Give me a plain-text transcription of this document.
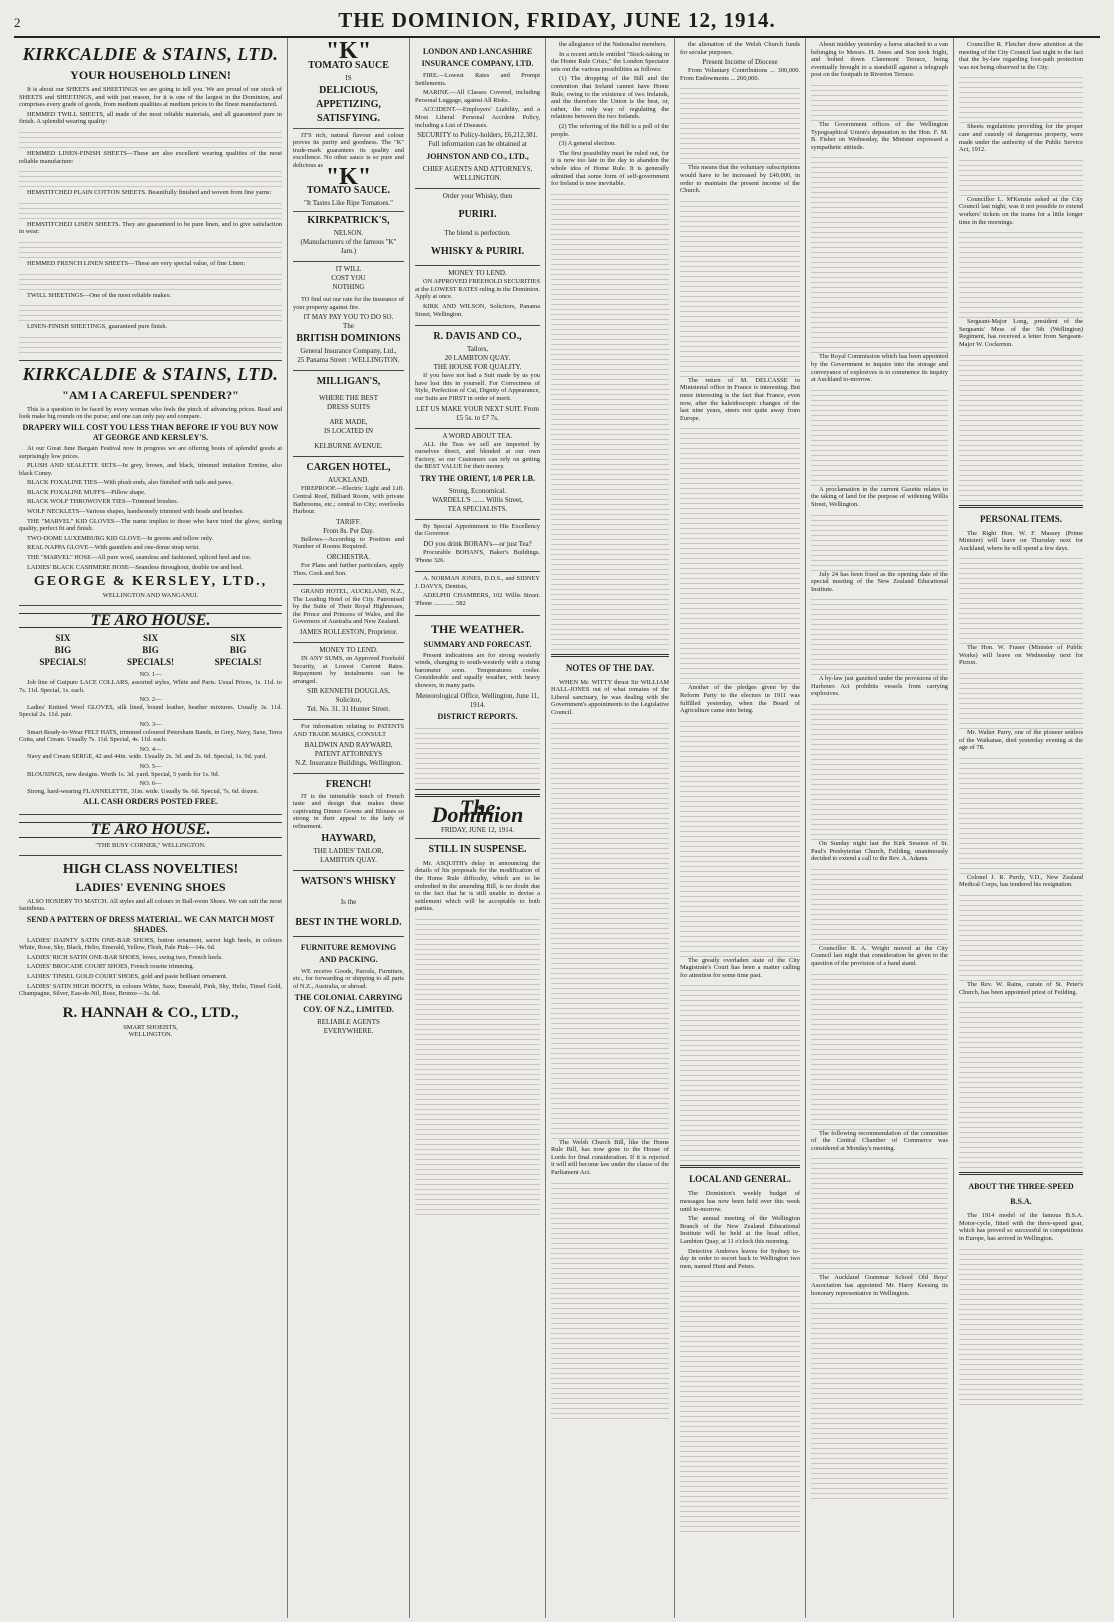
2	THE DOMINION, FRIDAY, JUNE 12, 1914.
KIRKCALDIE & STAINS, LTD.
YOUR HOUSEHOLD LINEN!

It is about our SHEETS and SHEETINGS we are going to tell you. We are proud of our stock of SHEETS and SHEETINGS, and with just reason, for it is one of the largest in the Dominion, and comprises every grade of goods, from medium qualities at medium prices to the finest manufactured.

HEMMED TWILL SHEETS, all made of the most reliable materials, and all guaranteed pure in finish. A splendid wearing quality:

HEMMED LINEN-FINISH SHEETS—These are also excellent wearing qualities of the most reliable manufacture:

HEMSTITCHED PLAIN COTTON SHEETS. Beautifully finished and woven from fine yarns:

HEMSTITCHED LINEN SHEETS. They are guaranteed to be pure linen, and to give satisfaction in wear:

HEMMED FRENCH LINEN SHEETS—These are very special value, of fine Linen:

TWILL SHEETINGS—One of the most reliable makes:

LINEN-FINISH SHEETINGS, guaranteed pure finish.

KIRKCALDIE & STAINS, LTD.
"AM I A CAREFUL SPENDER?"

This is a question to be faced by every woman who feels the pinch of advancing prices. Read and look make big rounds on the purse; and one can only pay and compare.

DRAPERY WILL COST YOU LESS THAN BEFORE IF YOU BUY NOW AT GEORGE AND KERSLEY'S.

At our Great June Bargain Festival now in progress we are offering boots of splendid goods at surprisingly low prices.

PLUSH AND SEALETTE SETS—In grey, brown, and black, trimmed imitation Ermine, also black Coney.

BLACK FOXALINE TIES—With plush ends, also finished with tails and paws.

BLACK FOXALINE MUFFS—Pillow shape.

BLACK WOLF THROWOVER TIES—Trimmed brushes.

WOLF NECKLETS—Various shapes, handsomely trimmed with heads and brushes.

THE "MARVEL" KID GLOVES—The name implies to those who have tried the glove, sterling quality, perfect fit and finish.

TWO-DOME LUXEMBURG KID GLOVE—In greens and tellow only.

REAL NAPPA GLOVE—With gauntlets and one-dome strap wrist.

THE "MARVEL" HOSE—All pure wool, seamless and fashioned, spliced heel and toe.

LADIES' BLACK CASHMERE HOSE—Seamless throughout, double toe and heel.

GEORGE & KERSLEY, LTD.,
WELLINGTON AND WANGANUI.
TE ARO HOUSE.
SIX
BIG
SPECIALS!
SIX
BIG
SPECIALS!
SIX
BIG
SPECIALS!
NO. 1—

Job line of Guipure LACE COLLARS, assorted styles, White and Paris. Usual Prices, 1s. 11d. to 7s. 11d. Special, 1s. each.

NO. 2—

Ladies' Knitted Wool GLOVES, silk lined, bound leather, heather mixtures. Usually 3s. 11d. Special 2s. 11d. pair.

NO. 3—

Smart Ready-to-Wear FELT HATS, trimmed coloured Petersham Bands, in Grey, Navy, Saxe, Terra Cotta, and Cream. Usually 7s. 11d. Special, 4s. 11d. each.

NO. 4—

Navy and Cream SERGE, 42 and 44in. wide. Usually 2s. 3d. and 2s. 6d. Special, 1s. 9d. yard.

NO. 5—

BLOUSINGS, new designs. Worth 1s. 3d. yard. Special, 5 yards for 1s. 9d.

NO. 6—

Strong, hard-wearing FLANNELETTE, 31in. wide. Usually 9s. 6d. Special, 7s. 6d. dozen.

ALL CASH ORDERS POSTED FREE.
TE ARO HOUSE.
"THE BUSY CORNER," WELLINGTON.
HIGH CLASS NOVELTIES!
LADIES' EVENING SHOES

ALSO HOSIERY TO MATCH. All styles and all colours in Ball-room Shoes. We can suit the most fastidious.

SEND A PATTERN OF DRESS MATERIAL. WE CAN MATCH MOST SHADES.

LADIES' DAINTY SATIN ONE-BAR SHOES, button ornament, sacret high heels, in colours White, Rose, Sky, Black, Helio, Emerald, Yellow, Flesh, Pale Pink—14s. 6d.

LADIES' RICH SATIN ONE-BAR SHOES, bows, swing two, French heels.

LADIES' BROCADE COURT SHOES, French rosette trimming.

LADIES' TINSEL GOLD COURT SHOES, gold and paste brilliant ornament.

LADIES' SATIN HIGH BOOTS, in colours White, Saxe, Emerald, Pink, Sky, Helio, Tinsel Gold, Champagne, Silver, Eau-de-Nil, Rose, Bronze—3s. 6d.

R. HANNAH & CO., LTD.,
SMART SHOEISTS,
WELLINGTON.
"K"
TOMATO SAUCE
IS
DELICIOUS,
APPETIZING,
SATISFYING.

IT'S rich, natural flavour and colour proves its purity and goodness. The "K" trade-mark guarantees its quality and excellence. No other sauce is so pure and delicious as "K"
TOMATO SAUCE.
"It Tastes Like Ripe Tomatoes."
KIRKPATRICK'S,
NELSON.
(Manufacturers of the famous "K" Jam.)
IT WILL
COST YOU
NOTHING

TO find out our rate for the insurance of your property against fire.

IT MAY PAY YOU TO DO SO.
The
BRITISH DOMINIONS
General Insurance Company, Ltd.,
25 Panama Street : WELLINGTON.
MILLIGAN'S,
WHERE THE BEST
DRESS SUITS
ARE MADE,
IS LOCATED IN
KELBURNE AVENUE.
CARGEN HOTEL,
AUCKLAND.

FIREPROOF.—Electric Light and Lift. Central Roof, Billiard Room, with private Bathrooms, etc.; central to City; overlooks Harbour.

TARIFF.
From 8s. Per Day.

Bellows—According to Position and Number of Rooms Required.

ORCHESTRA.

For Plans and further particulars, apply Thos. Cook and Son.

GRAND HOTEL, AUCKLAND, N.Z., The Leading Hotel of the City. Patronised by the Suite of Their Royal Highnesses, the Prince and Princess of Wales, and the Governors of Australia and New Zealand.

JAMES ROLLESTON, Proprietor.
MONEY TO LEND.

IN ANY SUMS, on Approved Freehold Security, at Lowest Current Rates. Repayment by instalments can be arranged.

SIR KENNETH DOUGLAS,
Solicitor,
Tel. No. 31. 31 Hunter Street.

For information relating to PATENTS AND TRADE MARKS, CONSULT

BALDWIN AND RAYWARD,
PATENT ATTORNEYS
N.Z. Insurance Buildings, Wellington.
FRENCH!

IT is the inimitable touch of French taste and design that makes these captivating Dinner Gowns and Blouses so strong in their appeal to the lady of refinement.

HAYWARD,
THE LADIES' TAILOR,
LAMBTON QUAY.
WATSON'S WHISKY
Is the
BEST IN THE WORLD.
FURNITURE REMOVING AND PACKING.

WE receive Goods, Parcels, Furniture, etc., for forwarding or shipping to all parts of N.Z., Australia, or abroad.

THE COLONIAL CARRYING COY. OF N.Z., LIMITED.
RELIABLE AGENTS EVERYWHERE.
LONDON AND LANCASHIRE INSURANCE COMPANY, LTD.

FIRE.—Lowest Rates and Prompt Settlements.

MARINE.—All Classes Covered, including Personal Luggage, against All Risks.

ACCIDENT.—Employers' Liability, and a Most Liberal Personal Accident Policy, including a List of Diseases.

SECURITY to Policy-holders, £6,212,381.
Full information can be obtained at
JOHNSTON AND CO., LTD.,
CHIEF AGENTS AND ATTORNEYS,
WELLINGTON.
Order your Whisky, then
PURIRI.
The blend is perfection.
WHISKY & PURIRI.
MONEY TO LEND.

ON APPROVED FREEHOLD SECURITIES at the LOWEST RATES ruling in the Dominion. Apply at once.

KIRK AND WILSON, Solicitors, Panama Street, Wellington.

R. DAVIS AND CO.,
Tailors,
20 LAMBTON QUAY.
THE HOUSE FOR QUALITY.

If you have not had a Suit made by us you have lost this in yourself. For Correctness of Style, Perfection of Cut, Dignity of Appearance, our Suits are FIRST in order of merit.

LET US MAKE YOUR NEXT SUIT. From £5 5s. to £7 7s.
A WORD ABOUT TEA.

ALL the Teas we sell are imported by ourselves direct, and blended at our own Factory, so our Customers can rely on getting the BEST VALUE for their money.

TRY THE ORIENT, 1/8 PER LB.
Strong, Economical.
WARDELL'S ....... Willis Street,
TEA SPECIALISTS.

By Special Appointment to His Excellency the Governor.

DO you drink BORAN's—or just Tea?

Procurable BOHAN'S, Baker's Buildings. 'Phone 326.

A. NORMAN JONES, D.D.S., and SIDNEY J. DAVYS, Dentists,

ADELPHI CHAMBERS, 102 Willis Street. 'Phone ............. 582

THE WEATHER.
SUMMARY AND FORECAST.

Present indications are for strong westerly winds, changing to south-westerly with a rising barometer soon. Temperatures cooler. Considerable and squally weather, with heavy showers, in many parts.

Meteorological Office, Wellington, June 11, 1914.
DISTRICT REPORTS.
The Dominion
FRIDAY, JUNE 12, 1914.
STILL IN SUSPENSE.

Mr. ASQUITH's delay in announcing the details of his proposals for the modification of the Home Rule difficulty, which are to be embodied in the amending Bill, is no doubt due to the fact that he is still unable to devise a settlement which will be acceptable to both parties.

the allegiance of the Nationalist members.

In a recent article entitled "Stock-taking in the Home Rule Crisis," the London Spectator sets out the various possibilities as follows:

(1) The dropping of the Bill and the contention that Ireland cannot have Home Rule, owing to the existence of two Irelands, and the therefore the Union is the best, or, rather, the only way of regulating the relations between the two Irelands.

(2) The referring of the Bill to a poll of the people.

(3) A general election.

The first possibility must be ruled out, for it is now too late in the day to abandon the whole idea of Home Rule. It is generally admitted that some form of self-government for Ireland is now inevitable.

NOTES OF THE DAY.

WHEN Mr. WITTY thrust Sir WILLIAM HALL-JONES out of what remains of the Liberal sanctuary, he was dealing with the Government's appointments to the Legislative Council.

The Welsh Church Bill, like the Home Rule Bill, has now gone to the House of Lords for final consideration. If it is rejected it will still become law under the clause of the Parliament Act.

the alienation of the Welsh Church funds for secular purposes.

Present Income of Diocese

From Voluntary Contributions ... 300,000. From Endowments ... 260,000.

This means that the voluntary subscriptions would have to be increased by £40,000, in order to maintain the present income of the Church.

The return of M. DELCASSE to Ministerial office in France is interesting. But more interesting is the fact that France, even now, after the kaleidoscopic changes of the last nine years, steers not quite away from Europe.

Another of the pledges given by the Reform Party to the electors in 1911 was fulfilled yesterday, when the Board of Agriculture came into being.

The greatly overladen state of the City Magistrate's Court has been a matter calling for attention for some time past.

LOCAL AND GENERAL.

The Dominion's weekly budget of messages has now been held over this week until to-morrow.

The annual meeting of the Wellington Branch of the New Zealand Educational Institute will be held at the head office, Lambton Quay, at 11 o'clock this morning.

Detective Andrews leaves for Sydney to-day in order to escort back to Wellington two men, named Hunt and Peters.

About midday yesterday a horse attached to a van belonging to Messrs. H. Jones and Son took fright, and bolted down Claremont Terrace, being eventually brought to a standstill against a telegraph post on the footpath in Riverton Terrace.

The Government offices of the Wellington Typographical Union's deputation to the Hon. F. M. B. Fisher on Wednesday, the Minister expressed a sympathetic attitude.

The Royal Commission which has been appointed by the Government to inquire into the storage and conveyance of explosives is to commence its inquiry at Auckland to-morrow.

A proclamation in the current Gazette relates to the taking of land for the purpose of widening Willis Street, Wellington.

July 24 has been fixed as the opening date of the special meeting of the New Zealand Educational Institute.

A by-law just gazetted under the provisions of the Harbours Act prohibits vessels from carrying explosives.

On Sunday night last the Kirk Session of St. Paul's Presbyterian Church, Feilding, unanimously decided to extend a call to the Rev. A. Adams.

Councillor R. A. Wright moved at the City Council last night that consideration be given to the question of the provision of a band stand.

The following recommendation of the committee of the Central Chamber of Commerce was considered at Monday's meeting.

The Auckland Grammar School Old Boys' Association has appointed Mr. Harry Keesing its honorary representative in Wellington.

Councillor R. Fletcher drew attention at the meeting of the City Council last night to the fact that the by-law regarding foot-path protection was not being observed in the City.

Sheets regulations providing for the proper care and custody of dangerous property, were made under the authority of the Public Service Act, 1912.

Councillor L. M'Kenzie asked at the City Council last night, was it not possible to extend workers' tickets on the trams for a little longer time in the mornings.

Sergeant-Major Long, president of the Sergeants' Mess of the 5th (Wellington) Regiment, has received a letter from Sergeant-Major W. Cockerton.

PERSONAL ITEMS.

The Right Hon. W. F. Massey (Prime Minister) will leave on Thursday next for Auckland, where he will spend a few days.

The Hon. W. Fraser (Minister of Public Works) will leave on Wednesday next for Picton.

Mr. Walter Parry, one of the pioneer settlers of the Waikanae, died yesterday evening at the age of 78.

Colonel J. R. Purdy, V.D., New Zealand Medical Corps, has tendered his resignation.

The Rev. W. Rains, curate of St. Peter's Church, has been appointed priest of Feilding.

ABOUT THE THREE-SPEED B.S.A.

The 1914 model of the famous B.S.A. Motor-cycle, fitted with the three-speed gear, which has proved so successful in competitions in Europe, has arrived in Wellington.
